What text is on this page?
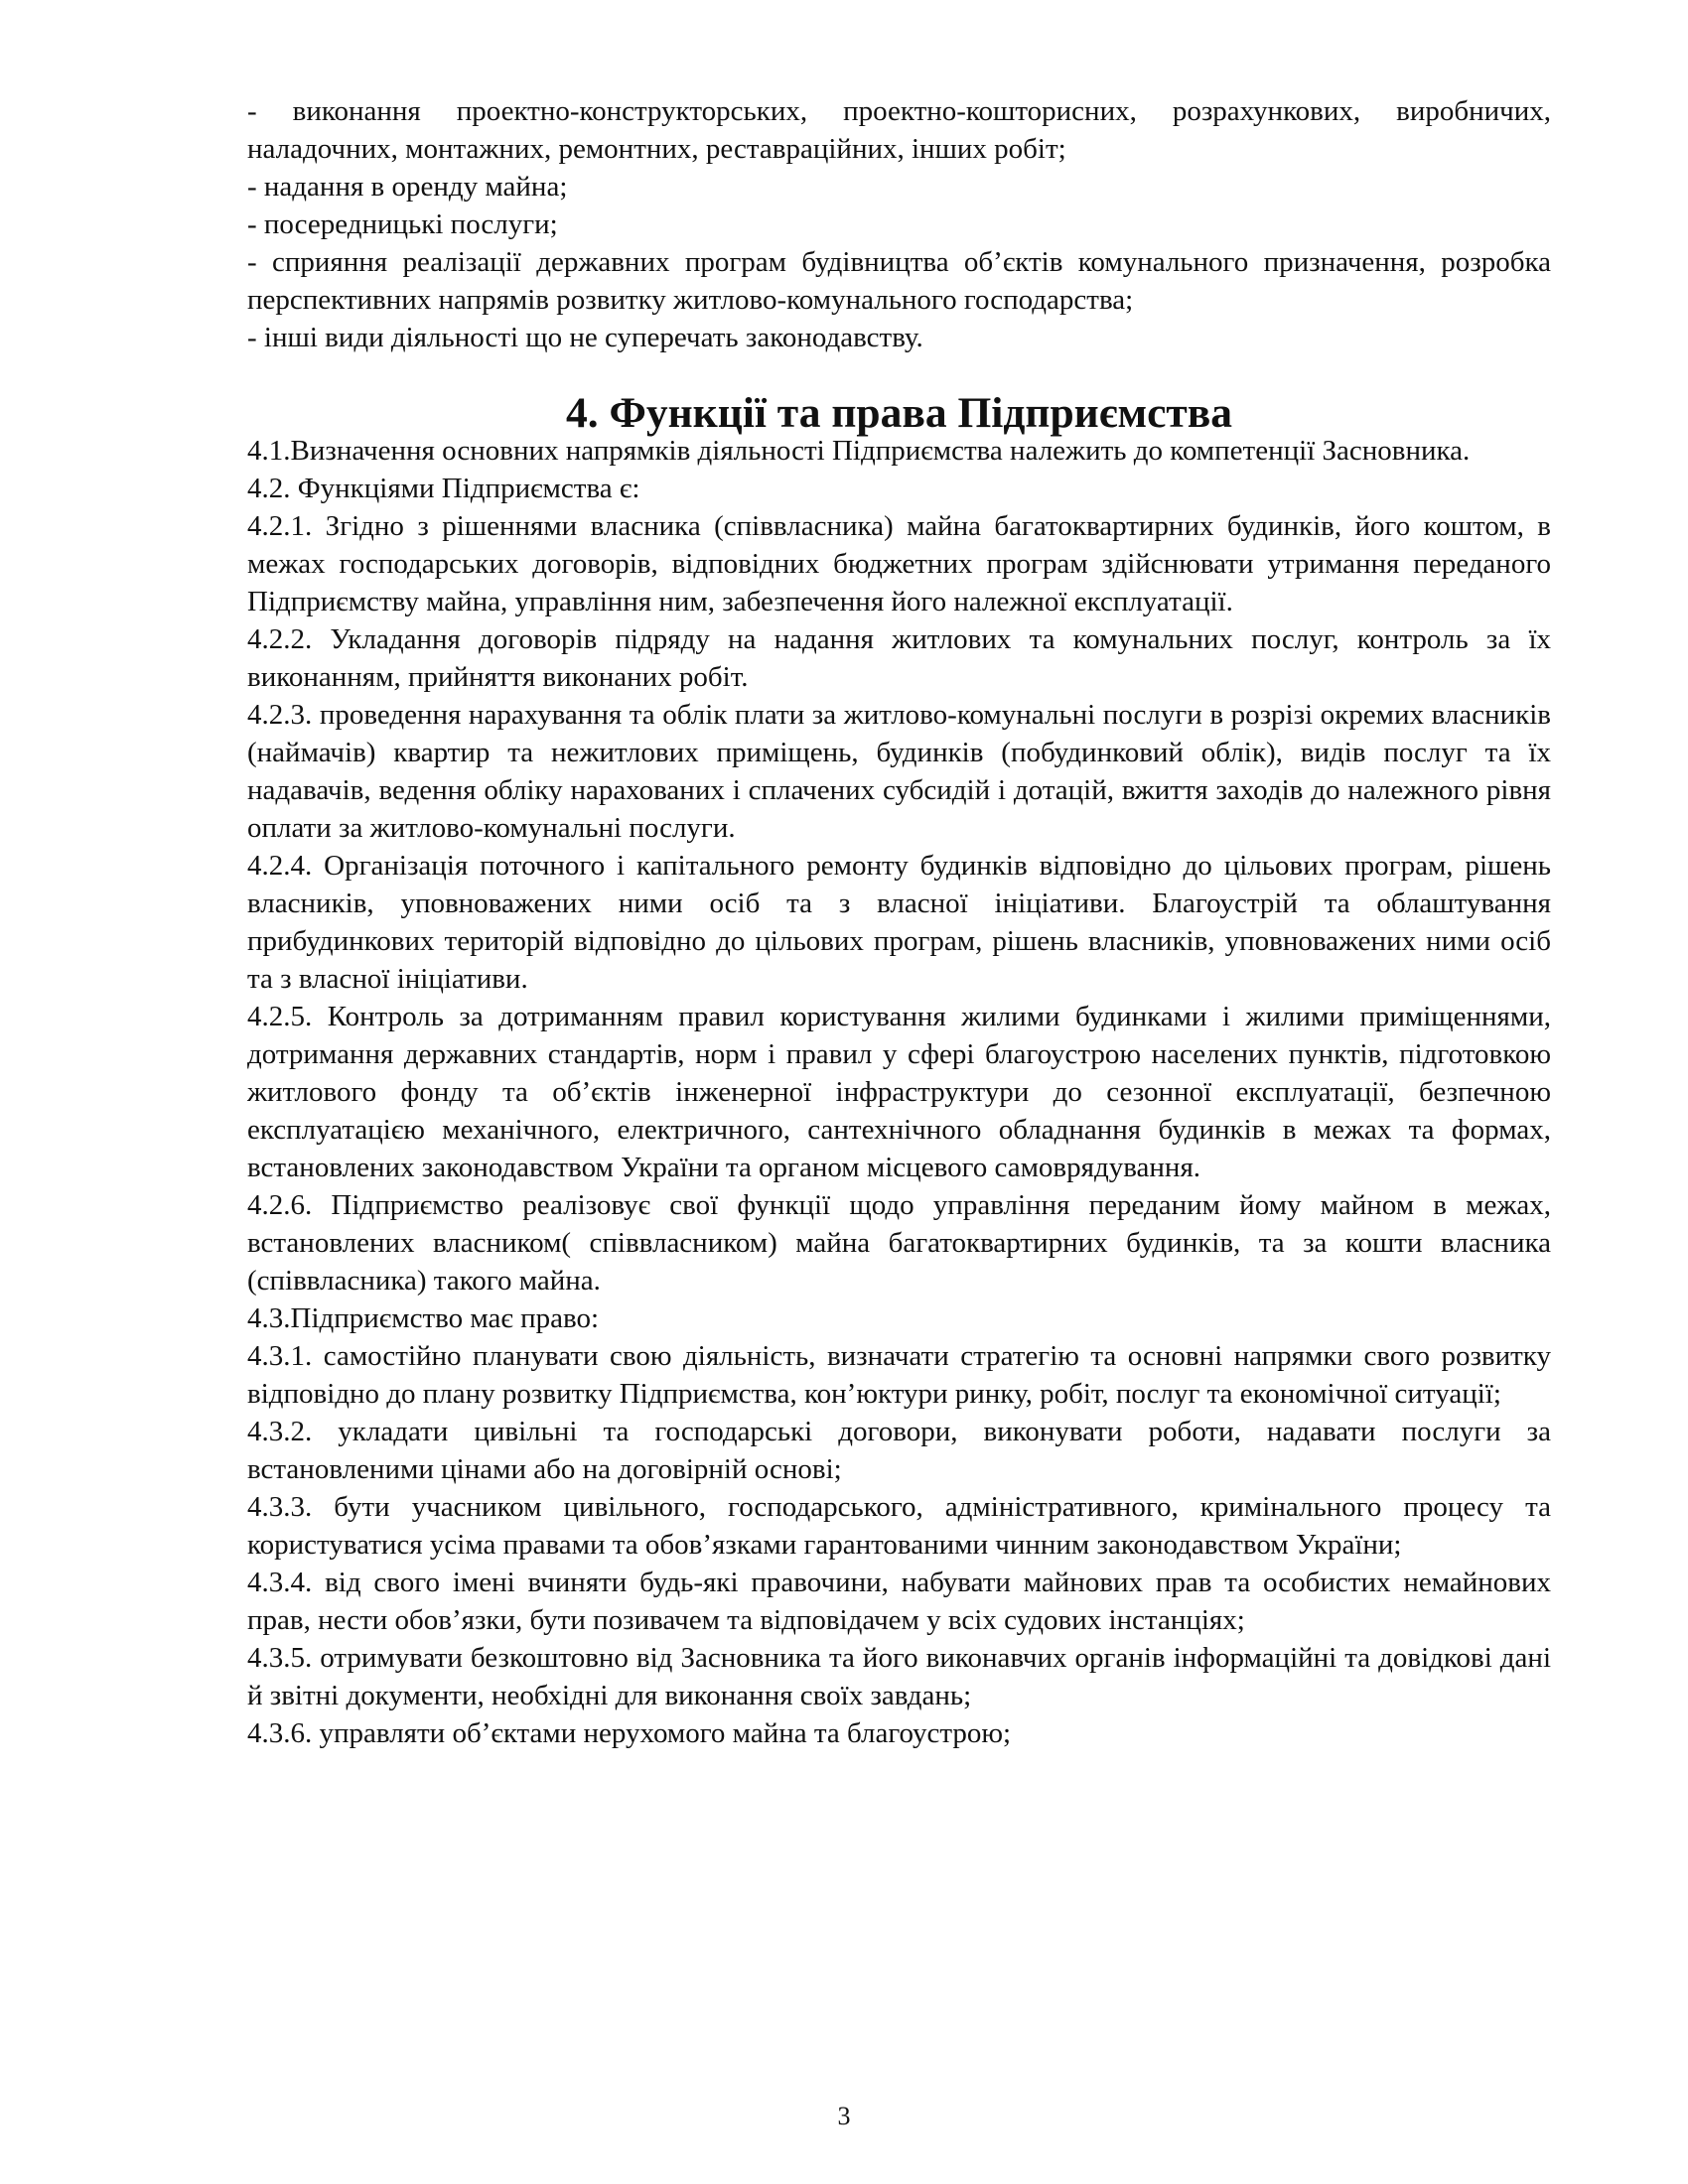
- виконання проектно-конструкторських, проектно-кошторисних, розрахункових, виробничих, наладочних, монтажних, ремонтних, реставраційних, інших робіт;

- надання в оренду майна;

- посередницькі послуги;

- сприяння реалізації державних програм будівництва об’єктів комунального призначення, розробка перспективних напрямів розвитку житлово-комунального господарства;

- інші види діяльності що не суперечать законодавству.

4. Функції та права Підприємства

4.1.Визначення основних напрямків діяльності Підприємства належить до компетенції Засновника.

4.2. Функціями Підприємства є:

4.2.1. Згідно з рішеннями власника (співвласника) майна багатоквартирних будинків, його коштом, в межах господарських договорів, відповідних бюджетних програм здійснювати утримання переданого Підприємству майна, управління ним, забезпечення його належної експлуатації.

4.2.2. Укладання договорів підряду на надання житлових та комунальних послуг, контроль за їх виконанням, прийняття виконаних робіт.

4.2.3. проведення нарахування та облік плати за житлово-комунальні послуги в розрізі окремих власників (наймачів) квартир та нежитлових приміщень, будинків (побудинковий облік), видів послуг та їх надавачів, ведення обліку нарахованих і сплачених субсидій і дотацій, вжиття заходів до належного рівня оплати за житлово-комунальні послуги.

4.2.4. Організація поточного і капітального ремонту будинків відповідно до цільових програм, рішень власників, уповноважених ними осіб та з власної ініціативи. Благоустрій та облаштування прибудинкових територій відповідно до цільових програм, рішень власників, уповноважених ними осіб та з власної ініціативи.

4.2.5. Контроль за дотриманням правил користування жилими будинками і жилими приміщеннями, дотримання державних стандартів, норм і правил у сфері благоустрою населених пунктів, підготовкою житлового фонду та об’єктів інженерної інфраструктури до сезонної експлуатації, безпечною експлуатацією механічного, електричного, сантехнічного обладнання будинків в межах та формах, встановлених законодавством України та органом місцевого самоврядування.

4.2.6. Підприємство реалізовує свої функції щодо управління переданим йому майном в межах, встановлених власником( співвласником) майна багатоквартирних будинків, та за кошти власника (співвласника) такого майна.

4.3.Підприємство має право:

4.3.1. самостійно планувати свою діяльність, визначати стратегію та основні напрямки свого розвитку відповідно до плану розвитку Підприємства, кон’юктури ринку, робіт, послуг та економічної ситуації;

4.3.2. укладати цивільні та господарські договори, виконувати роботи, надавати послуги за встановленими цінами або на договірній основі;

4.3.3. бути учасником цивільного, господарського, адміністративного, кримінального процесу та користуватися усіма правами та обов’язками гарантованими чинним законодавством України;

4.3.4. від свого імені вчиняти будь-які правочини, набувати майнових прав та особистих немайнових прав, нести обов’язки, бути позивачем та відповідачем у всіх судових інстанціях;

4.3.5. отримувати безкоштовно від Засновника та його виконавчих органів інформаційні та довідкові дані й звітні документи, необхідні для виконання своїх завдань;

4.3.6. управляти об’єктами нерухомого майна та благоустрою;

3
